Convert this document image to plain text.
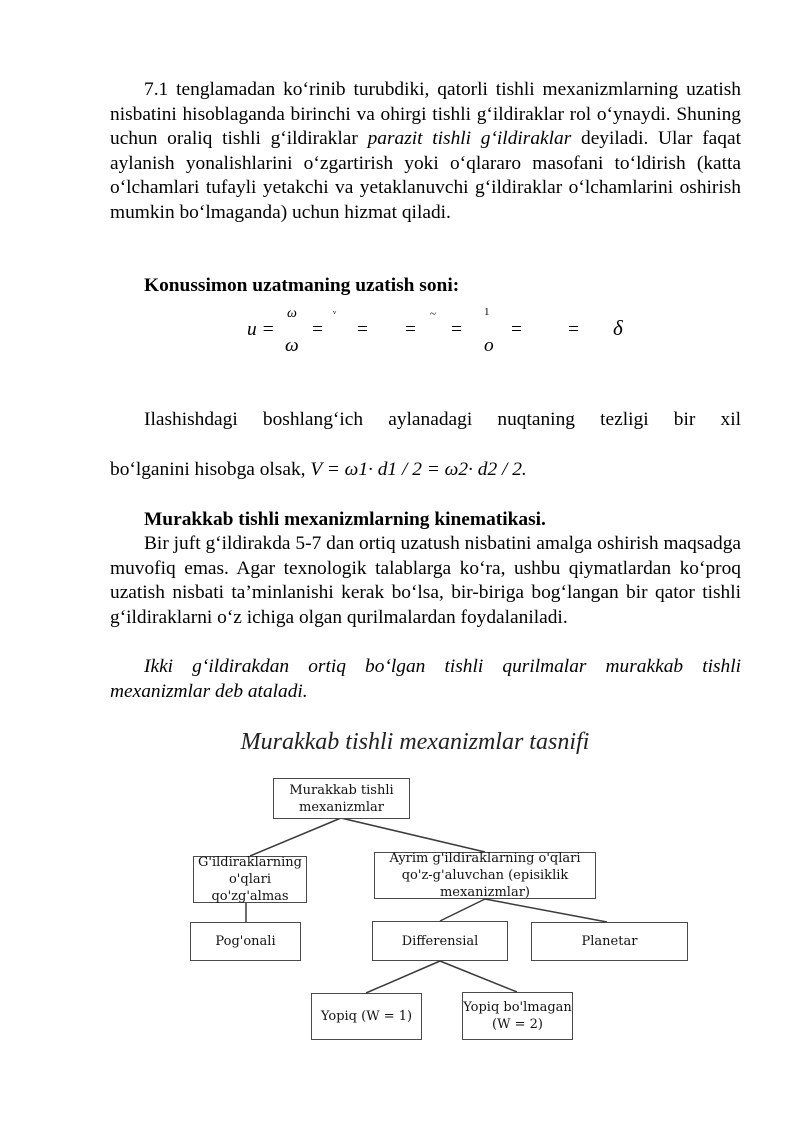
7.1 tenglamadan koʻrinib turubdiki, qatorli tishli mexanizmlarning uzatish nisbatini hisoblaganda birinchi va ohirgi tishli gʻildiraklar rol oʻynaydi. Shuning uchun oraliq tishli gʻildiraklar parazit tishli gʻildiraklar deyiladi. Ular faqat aylanish yonalishlarini oʻzgartirish yoki oʻqlararo masofani toʻldirish (katta oʻlchamlari tufayli yetakchi va yetaklanuvchi gʻildiraklar oʻlchamlarini oshirish mumkin boʻlmaganda) uchun hizmat qiladi.

Konussimon uzatmaning uzatish soni:

u =
ω
ω
=
ᵛ
= =
~
=
1
o
= = δ

Ilashishdagi boshlangʻich aylanadagi nuqtaning tezligi bir xil

boʻlganini hisobga olsak, V = ω1· d1 / 2 = ω2· d2 / 2.

Murakkab tishli mexanizmlarning kinematikasi.

Bir juft gʻildirakda 5-7 dan ortiq uzatush nisbatini amalga oshirish maqsadga muvofiq emas. Agar texnologik talablarga koʻra, ushbu qiymatlardan koʻproq uzatish nisbati taʼminlanishi kerak boʻlsa, bir-biriga bogʻlangan bir qator tishli gʻildiraklarni oʻz ichiga olgan qurilmalardan foydalaniladi.

Ikki gʻildirakdan ortiq boʻlgan tishli qurilmalar murakkab tishli mexanizmlar deb ataladi.

Murakkab tishli mexanizmlar tasnifi
Murakkab tishli mexanizmlar
G'ildiraklarning o'qlari qo'zg'almas
Ayrim g'ildiraklarning o'qlari qo'z-g'aluvchan (episiklik mexanizmlar)
Pog'onali	Differensial	Planetar
Yopiq (W = 1)
Yopiq bo'lmagan (W = 2)
